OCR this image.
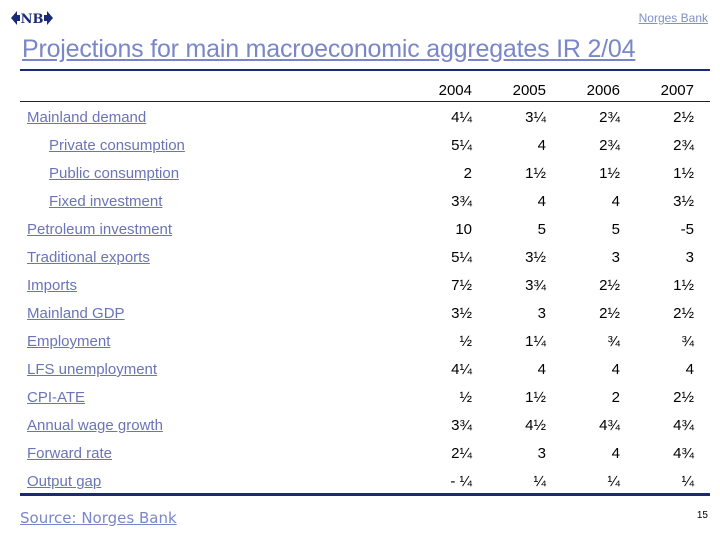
NB	Norges Bank
Projections for main macroeconomic aggregates IR 2/04
2004	2005	2006	2007
Mainland demand	4¼	3¼	2¾	2½
Private consumption	5¼	4	2¾	2¾
Public consumption	2	1½	1½	1½
Fixed investment	3¾	4	4	3½
Petroleum investment	10	5	5	-5
Traditional exports	5¼	3½	3	3
Imports	7½	3¾	2½	1½
Mainland GDP	3½	3	2½	2½
Employment	½	1¼	¾	¾
LFS unemployment	4¼	4	4	4
CPI-ATE	½	1½	2	2½
Annual wage growth	3¾	4½	4¾	4¾
Forward rate	2¼	3	4	4¾
Output gap	- ¼	¼	¼	¼
Source: Norges Bank	15
